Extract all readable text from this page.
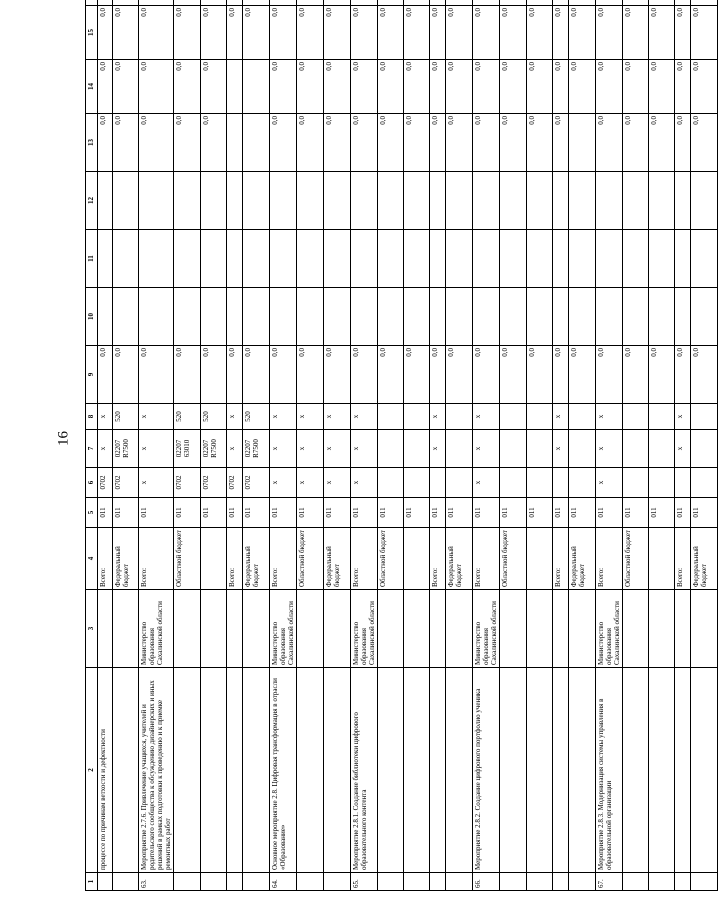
16
1	2	3	4	5	6	7	8	9	10	11	12	13	14	15	
	процессе по причинам ветхости и дефектности		Всего:	011	0702	x	x	0,0				0,0	0,0	0,0	
			Федеральный бюджет	011	0702	02207 R7500	520	0,0				0,0	0,0	0,0	
63.	Мероприятие 2.7.6. Привлечение учащихся, учителей и родительского сообщества к обсуждению дизайнерских и иных решений в рамках подготовки к проведению и к приемке ремонтных работ	Министерство образования Сахалинской области	Всего:	011	x	x	x	0,0				0,0	0,0	0,0	
			Областной бюджет	011	0702	02207 63010	520	0,0				0,0	0,0	0,0	
				011	0702	02207 R7500	520	0,0				0,0	0,0	0,0	
			Всего:	011	0702	x	x	0,0						0,0	
			Федеральный бюджет	011	0702	02207 R7500	520	0,0						0,0	
64.	Основное мероприятие 2.8. Цифровая трансформация в отрасли «Образование»	Министерство образования Сахалинской области	Всего:	011	x	x	x	0,0				0,0	0,0	0,0	
			Областной бюджет	011	x	x	x	0,0				0,0	0,0	0,0	
			Федеральный бюджет	011	x	x	x	0,0				0,0	0,0	0,0	
65.	Мероприятие 2.8.1. Создание библиотеки цифрового образовательного контента	Министерство образования Сахалинской области	Всего:	011	x	x	x	0,0				0,0	0,0	0,0	
			Областной бюджет	011				0,0				0,0	0,0	0,0	
				011				0,0				0,0	0,0	0,0	
			Всего:	011		x	x	0,0				0,0	0,0	0,0	
			Федеральный бюджет	011				0,0				0,0	0,0	0,0	
66.	Мероприятие 2.8.2. Создание цифрового портфолио ученика	Министерство образования Сахалинской области	Всего:	011	x	x	x	0,0				0,0	0,0	0,0	
			Областной бюджет	011				0,0				0,0	0,0	0,0	
				011				0,0				0,0	0,0	0,0	
			Всего:	011		x	x	0,0				0,0	0,0	0,0	
			Федеральный бюджет	011				0,0					0,0	0,0	
67.	Мероприятие 2.8.3. Модернизация системы управления в образовательной организации	Министерство образования Сахалинской области	Всего:	011	x	x	x	0,0				0,0	0,0	0,0	
			Областной бюджет	011				0,0				0,0	0,0	0,0	
				011				0,0				0,0	0,0	0,0	
			Всего:	011		x	x	0,0				0,0	0,0	0,0	
			Федеральный бюджет	011				0,0				0,0	0,0	0,0	
